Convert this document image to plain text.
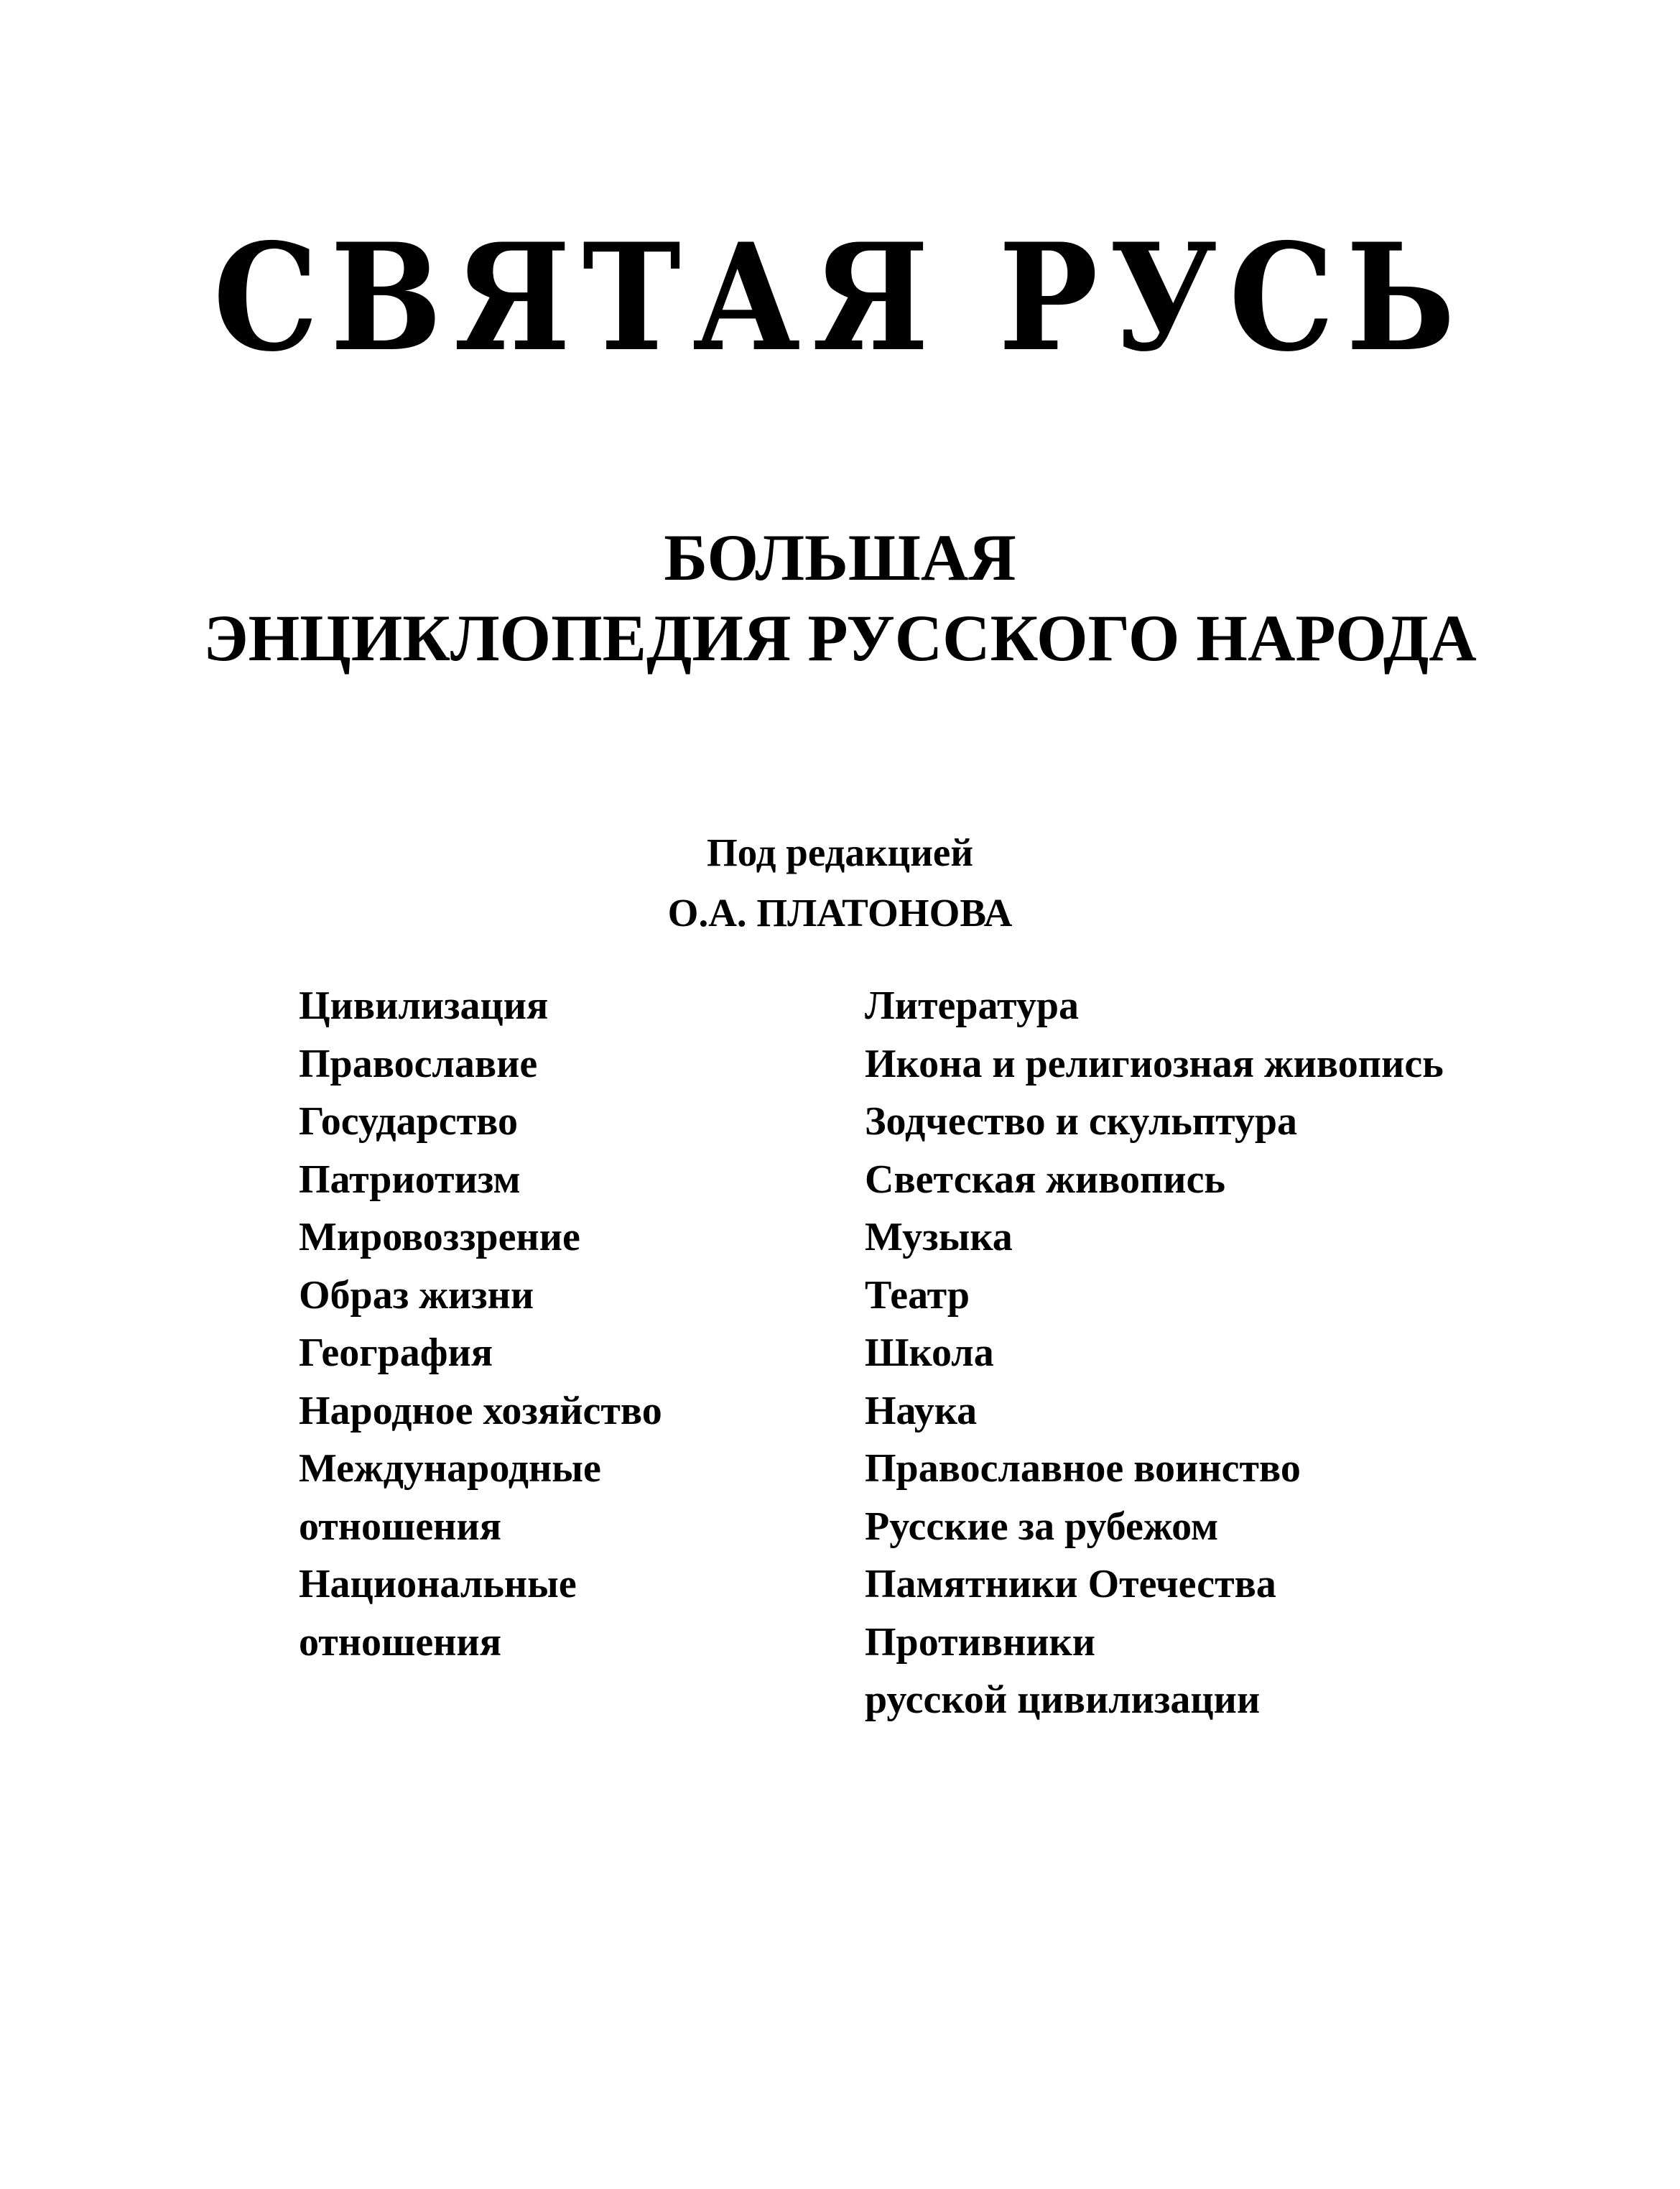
СВЯТАЯ РУСЬ
БОЛЬШАЯ
ЭНЦИКЛОПЕДИЯ РУССКОГО НАРОДА
Под редакцией
О.А. ПЛАТОНОВА
Цивилизация
Православие
Государство
Патриотизм
Мировоззрение
Образ жизни
География
Народное хозяйство
Международные
отношения
Национальные
отношения
Литература
Икона и религиозная живопись
Зодчество и скульптура
Светская живопись
Музыка
Театр
Школа
Наука
Православное воинство
Русские за рубежом
Памятники Отечества
Противники
русской цивилизации
